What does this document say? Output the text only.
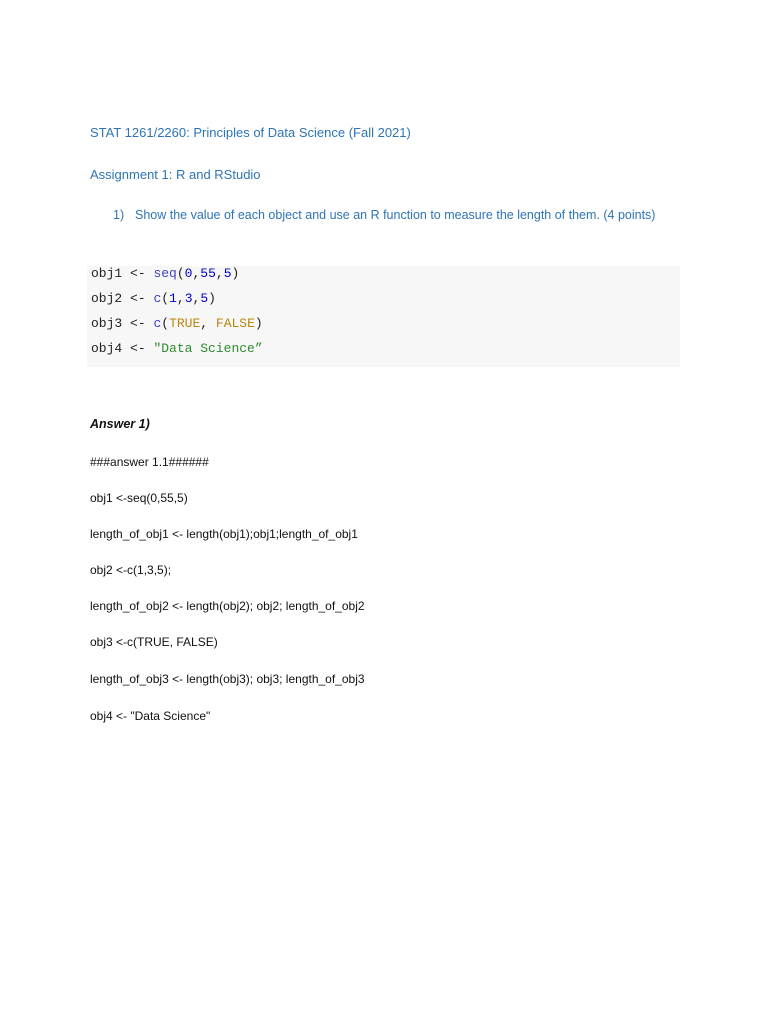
STAT 1261/2260: Principles of Data Science (Fall 2021)
Assignment 1: R and RStudio
1) Show the value of each object and use an R function to measure the length of them. (4 points)
obj1 <- seq(0,55,5)
obj2 <- c(1,3,5)
obj3 <- c(TRUE, FALSE)
obj4 <- "Data Science”
Answer 1)
###answer 1.1######
obj1 <-seq(0,55,5)
length_of_obj1 <- length(obj1);obj1;length_of_obj1
obj2 <-c(1,3,5);
length_of_obj2 <- length(obj2); obj2; length_of_obj2
obj3 <-c(TRUE, FALSE)
length_of_obj3 <- length(obj3); obj3; length_of_obj3
obj4 <- "Data Science"
